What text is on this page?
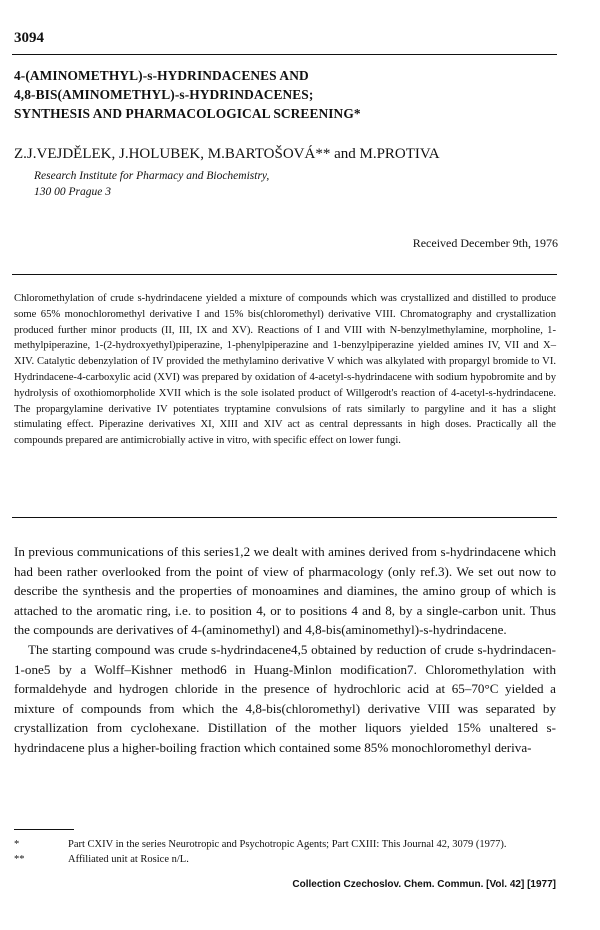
3094
4-(AMINOMETHYL)-s-HYDRINDACENES AND
4,8-BIS(AMINOMETHYL)-s-HYDRINDACENES;
SYNTHESIS AND PHARMACOLOGICAL SCREENING*
Z.J.VEJDĚLEK, J.HOLUBEK, M.BARTOŠOVÁ** and M.PROTIVA
Research Institute for Pharmacy and Biochemistry,
130 00 Prague 3
Received December 9th, 1976
Chloromethylation of crude s-hydrindacene yielded a mixture of compounds which was crystallized and distilled to produce some 65% monochloromethyl derivative I and 15% bis(chloromethyl) derivative VIII. Chromatography and crystallization produced further minor products (II, III, IX and XV). Reactions of I and VIII with N-benzylmethylamine, morpholine, 1-methylpiperazine, 1-(2-hydroxyethyl)piperazine, 1-phenylpiperazine and 1-benzylpiperazine yielded amines IV, VII and X–XIV. Catalytic debenzylation of IV provided the methylamino derivative V which was alkylated with propargyl bromide to VI. Hydrindacene-4-carboxylic acid (XVI) was prepared by oxidation of 4-acetyl-s-hydrindacene with sodium hypobromite and by hydrolysis of oxothiomorpholide XVII which is the sole isolated product of Willgerodt's reaction of 4-acetyl-s-hydrindacene. The propargylamine derivative IV potentiates tryptamine convulsions of rats similarly to pargyline and it has a slight stimulating effect. Piperazine derivatives XI, XIII and XIV act as central depressants in high doses. Practically all the compounds prepared are antimicrobially active in vitro, with specific effect on lower fungi.

In previous communications of this series1,2 we dealt with amines derived from s-hydrindacene which had been rather overlooked from the point of view of pharmacology (only ref.3). We set out now to describe the synthesis and the properties of monoamines and diamines, the amino group of which is attached to the aromatic ring, i.e. to position 4, or to positions 4 and 8, by a single-carbon unit. Thus the compounds are derivatives of 4-(aminomethyl) and 4,8-bis(aminomethyl)-s-hydrindacene.

The starting compound was crude s-hydrindacene4,5 obtained by reduction of crude s-hydrindacen-1-one5 by a Wolff–Kishner method6 in Huang-Minlon modification7. Chloromethylation with formaldehyde and hydrogen chloride in the presence of hydrochloric acid at 65–70°C yielded a mixture of compounds from which the 4,8-bis(chloromethyl) derivative VIII was separated by crystallization from cyclohexane. Distillation of the mother liquors yielded 15% unaltered s-hydrindacene plus a higher-boiling fraction which contained some 85% monochloromethyl deriva-

*	Part CXIV in the series Neurotropic and Psychotropic Agents; Part CXIII: This Journal 42, 3079 (1977).
**	Affiliated unit at Rosice n/L.
Collection Czechoslov. Chem. Commun. [Vol. 42] [1977]
